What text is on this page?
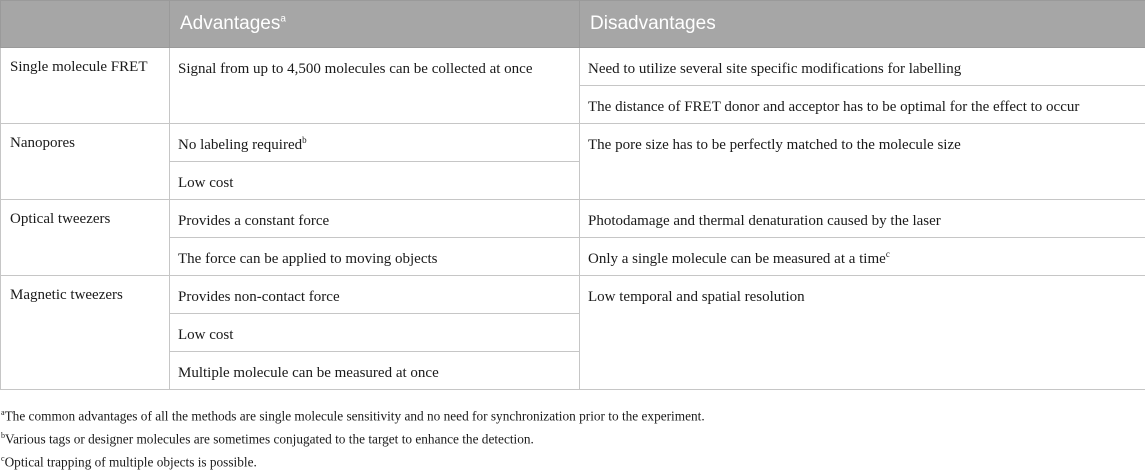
	Advantages$^a$	Disadvantages
Single molecule FRET	Signal from up to 4,500 molecules can be collected at once	Need to utilize several site specific modifications for labelling
		The distance of FRET donor and acceptor has to be optimal for the effect to occur
Nanopores	No labeling required$^b$	The pore size has to be perfectly matched to the molecule size
	Low cost	
Optical tweezers	Provides a constant force	Photodamage and thermal denaturation caused by the laser
	The force can be applied to moving objects	Only a single molecule can be measured at a time$^c$
Magnetic tweezers	Provides non-contact force	Low temporal and spatial resolution
	Low cost	
	Multiple molecule can be measured at once	
$^a$The common advantages of all the methods are single molecule sensitivity and no need for synchronization prior to the experiment.
$^b$Various tags or designer molecules are sometimes conjugated to the target to enhance the detection.
$^c$Optical trapping of multiple objects is possible.
